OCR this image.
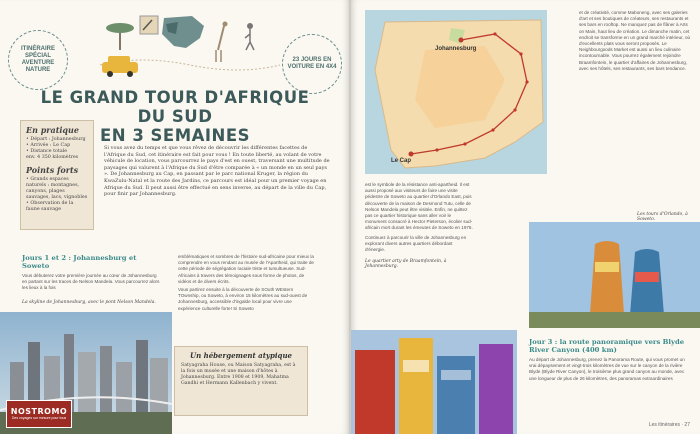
ITINÉRAIRE SPÉCIAL AVENTURE NATURE
23 JOURS EN VOITURE EN 4X4
LE GRAND TOUR D'AFRIQUE DU SUD
EN 3 SEMAINES
En pratique
• Départ : Johannesburg
• Arrivée : Le Cap
• Distance totale
env. 4 350 kilomètres
Points forts
• Grands espaces naturels : montagnes, canyons, plages sauvages, lacs, vignobles
• Observation de la faune sauvage

Si vous avez du temps et que vous rêvez de découvrir les différentes facettes de l'Afrique du Sud, cet itinéraire est fait pour vous ! En toute liberté, au volant de votre véhicule de location, vous parcourrez le pays d'est en ouest, traversant une multitude de paysages qui valurent à l'Afrique du Sud d'être comparée à « un monde en un seul pays ». De Johannesburg au Cap, en passant par le parc national Kruger, la région du KwaZulu-Natal et la route des Jardins, ce parcours est idéal pour un premier voyage en Afrique du Sud. Il peut aussi être effectué en sens inverse, au départ de la ville du Cap, pour finir par Johannesburg.

Jours 1 et 2 : Johannesburg et Soweto

Vous débuterez votre première journée au cœur de Johannesburg en partant sur les traces de Nelson Mandela. Vous parcourrez alors les lieux à la fois

La skyline de Johannesburg, avec le pont Nelson Mandela.
NOSTROMO
Des voyages sur mesure pour tous

emblématiques et sombres de l'histoire sud-africaine pour mieux la comprendre en vous rendant au musée de l'Apartheid, qui traite de cette période de ségrégation raciale triste et tumultueuse. Sud-Africains à travers des témoignages sous forme de photos, de vidéos et de divers écrits.

Vous partirez ensuite à la découverte de SOuth WEstern TOwnship, ou Soweto, à environ 15 kilomètres au sud-ouest de Johannesburg, accessible d'ingalde local pour vivre une expérience culturelle forte! Si Soweto

Un hébergement atypique

Satyagraha House, ou Maison Satyagraha, est à la fois un musée et une maison d'hôtes à Johannesburg. Entre 1908 et 1909, Mahatma Gandhi et Hermann Kallenbach y vivent.

Johannesburg
Le Cap

est le symbole de la résistance anti-apartheid. Il est aussi proposé aux visiteurs de faire une visite pédestre de Soweto au quartier d'Orlando East, puis découverte de la maison de Desmond Tutu, celle de Nelson Mandela peut être visitée. Enfin, ne quittez pas ce quartier historique sans aller voir le monument consacré à Hector Pieterson, écolier sud-africain mort durant les émeutes de Soweto en 1976.

Continuez à parcourir la ville de Johannesburg en explorant divers autres quartiers débordant d'énergie.

Le quartier arty de Braamfontein, à Johannesburg.

et de créativité, comme Maboneng, avec ses galeries d'art et ses boutiques de créateurs, ses restaurants et ses bars en rooftop. Ne manquez pas de flâner à Arts on Main, haut lieu de création. Le dimanche matin, cet endroit se transforme en un grand marché intérieur, où d'excellents plats vous seront proposés. Le Neighbourgoods Market est aussi un lieu culinaire incontournable. Vous pourrez également rejoindre Braamfontein, le quartier d'affaires de Johannesburg, avec ses hôtels, ses restaurants, ses bars tendance.

Les tours d'Orlando, à Soweto.
Jour 3 : la route panoramique vers Blyde River Canyon (400 km)

Au départ de Johannesburg, prenez la Panorama Route, qui vous promet un vrai dépaysement et vingt-trois kilomètres de vue sur le canyon de la rivière Blyde (Blyde River Canyon), le troisième plus grand canyon au monde, avec une longueur de plus de 26 kilomètres, des panoramas extraordinaires

Les itinéraires · 27
